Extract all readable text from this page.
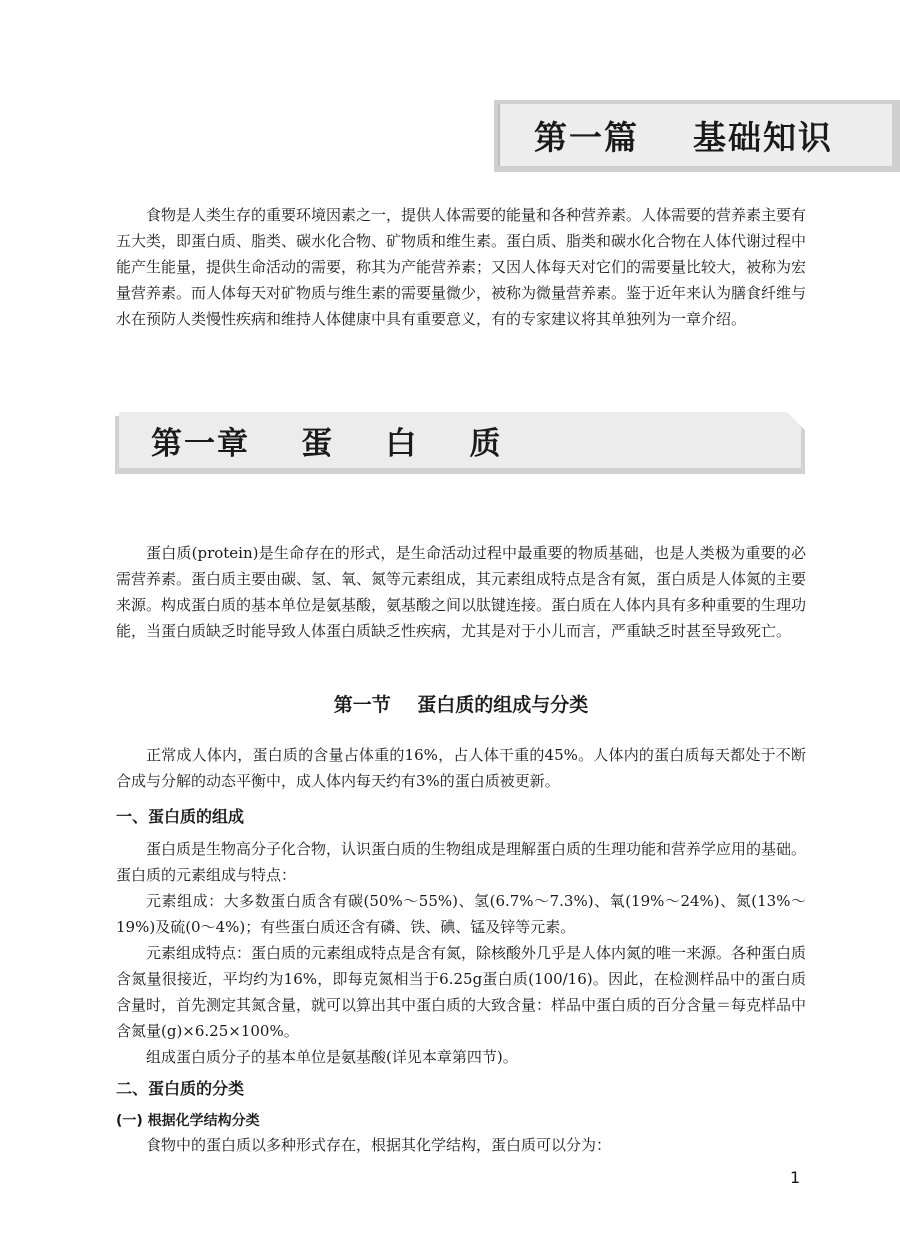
第一篇    基础知识

食物是人类生存的重要环境因素之一，提供人体需要的能量和各种营养素。人体需要的营养素主要有五大类，即蛋白质、脂类、碳水化合物、矿物质和维生素。蛋白质、脂类和碳水化合物在人体代谢过程中能产生能量，提供生命活动的需要，称其为产能营养素；又因人体每天对它们的需要量比较大，被称为宏量营养素。而人体每天对矿物质与维生素的需要量微少，被称为微量营养素。鉴于近年来认为膳食纤维与水在预防人类慢性疾病和维持人体健康中具有重要意义，有的专家建议将其单独列为一章介绍。

第一章    蛋    白    质

蛋白质(protein)是生命存在的形式，是生命活动过程中最重要的物质基础，也是人类极为重要的必需营养素。蛋白质主要由碳、氢、氧、氮等元素组成，其元素组成特点是含有氮，蛋白质是人体氮的主要来源。构成蛋白质的基本单位是氨基酸，氨基酸之间以肽键连接。蛋白质在人体内具有多种重要的生理功能，当蛋白质缺乏时能导致人体蛋白质缺乏性疾病，尤其是对于小儿而言，严重缺乏时甚至导致死亡。

第一节    蛋白质的组成与分类

正常成人体内，蛋白质的含量占体重的16%，占人体干重的45%。人体内的蛋白质每天都处于不断合成与分解的动态平衡中，成人体内每天约有3%的蛋白质被更新。

一、蛋白质的组成

蛋白质是生物高分子化合物，认识蛋白质的生物组成是理解蛋白质的生理功能和营养学应用的基础。蛋白质的元素组成与特点：

元素组成：大多数蛋白质含有碳(50%～55%)、氢(6.7%～7.3%)、氧(19%～24%)、氮(13%～19%)及硫(0～4%)；有些蛋白质还含有磷、铁、碘、锰及锌等元素。

元素组成特点：蛋白质的元素组成特点是含有氮，除核酸外几乎是人体内氮的唯一来源。各种蛋白质含氮量很接近，平均约为16%，即每克氮相当于6.25g蛋白质(100/16)。因此，在检测样品中的蛋白质含量时，首先测定其氮含量，就可以算出其中蛋白质的大致含量：样品中蛋白质的百分含量＝每克样品中含氮量(g)×6.25×100%。

组成蛋白质分子的基本单位是氨基酸(详见本章第四节)。

二、蛋白质的分类
(一) 根据化学结构分类

食物中的蛋白质以多种形式存在，根据其化学结构，蛋白质可以分为：

1
